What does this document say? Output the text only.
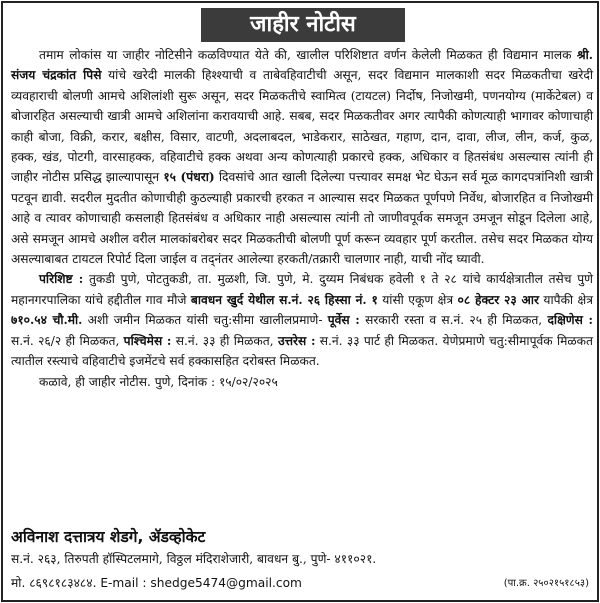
जाहीर नोटीस

तमाम लोकांस या जाहीर नोटिसीने कळविण्यात येते की, खालील परिशिष्टात वर्णन केलेली मिळकत ही विद्यमान मालक श्री. संजय चंद्रकांत पिसे यांचे खरेदी मालकी हिश्श्याची व ताबेवहिवाटीची असून, सदर विद्यमान मालकाशी सदर मिळकतीचा खरेदी व्यवहाराची बोलणी आमचे अशिलांशी सुरू असून, सदर मिळकतीचे स्वामित्व (टायटल) निर्दोष, निजोखमी, पणनयोग्य (मार्केटेबल) व बोजारहित असल्याची खात्री आमचे अशिलांना करावयाची आहे. सबब, सदर मिळकतीवर अगर त्यापैकी कोणत्याही भागावर कोणाचाही काही बोजा, विक्री, करार, बक्षीस, विसार, वाटणी, अदलाबदल, भाडेकरार, साठेखत, गहाण, दान, दावा, लीज, लीन, कर्ज, कुळ, हक्क, खंड, पोटगी, वारसाहक्क, वहिवाटीचे हक्क अथवा अन्य कोणत्याही प्रकारचे हक्क, अधिकार व हितसंबंध असल्यास त्यांनी ही जाहीर नोटीस प्रसिद्ध झाल्यापासून १५ (पंधरा) दिवसांचे आत खाली दिलेल्या पत्त्यावर समक्ष भेट घेऊन सर्व मूळ कागदपत्रांनिशी खात्री पटवून द्यावी. सदरील मुदतीत कोणाचीही कुठल्याही प्रकारची हरकत न आल्यास सदर मिळकत पूर्णपणे निर्वेध, बोजारहित व निजोखमी आहे व त्यावर कोणाचाही कसलाही हितसंबंध व अधिकार नाही असल्यास त्यांनी तो जाणीवपूर्वक समजून उमजून सोडून दिलेला आहे, असे समजून आमचे अशील वरील मालकांबरोबर सदर मिळकतीची बोलणी पूर्ण करून व्यवहार पूर्ण करतील. तसेच सदर मिळकत योग्य असल्याबाबत टायटल रिपोर्ट दिला जाईल व तद्नंतर आलेल्या हरकती/तक्रारी चालणार नाही, याची नोंद घ्यावी.

परिशिष्ट : तुकडी पुणे, पोटतुकडी, ता. मुळशी, जि. पुणे, मे. दुय्यम निबंधक हवेली १ ते २८ यांचे कार्यक्षेत्रातील तसेच पुणे महानगरपालिका यांचे हद्दीतील गाव मौजे बावधन खुर्द येथील स.नं. २६ हिस्सा नं. १ यांसी एकूण क्षेत्र ०८ हेक्टर २३ आर यापैकी क्षेत्र ७१०.५४ चौ.मी. अशी जमीन मिळकत यांसी चतु:सीमा खालीलप्रमाणे- पूर्वेस : सरकारी रस्ता व स.नं. २५ ही मिळकत, दक्षिणेस : स.नं. २६/२ ही मिळकत, पश्चिमेस : स.नं. ३३ ही मिळकत, उत्तरेस : स.नं. ३३ पार्ट ही मिळकत. येणेप्रमाणे चतु:सीमापूर्वक मिळकत त्यातील रस्त्याचे वहिवाटीचे इजमेंटचे सर्व हक्कासहित दरोबस्त मिळकत.

कळावे, ही जाहीर नोटीस. पुणे, दिनांक : १५/०२/२०२५

अविनाश दत्तात्रय शेडगे, ॲडव्होकेट
स.नं. २६३, तिरुपती हॉस्पिटलमागे, विठ्ठल मंदिराशेजारी, बावधन बु., पुणे- ४११०२१.
मो. ८६९८१८३४८४. E-mail : shedge5474@gmail.com	(पा.क्र. २५०२१५१८५३)
